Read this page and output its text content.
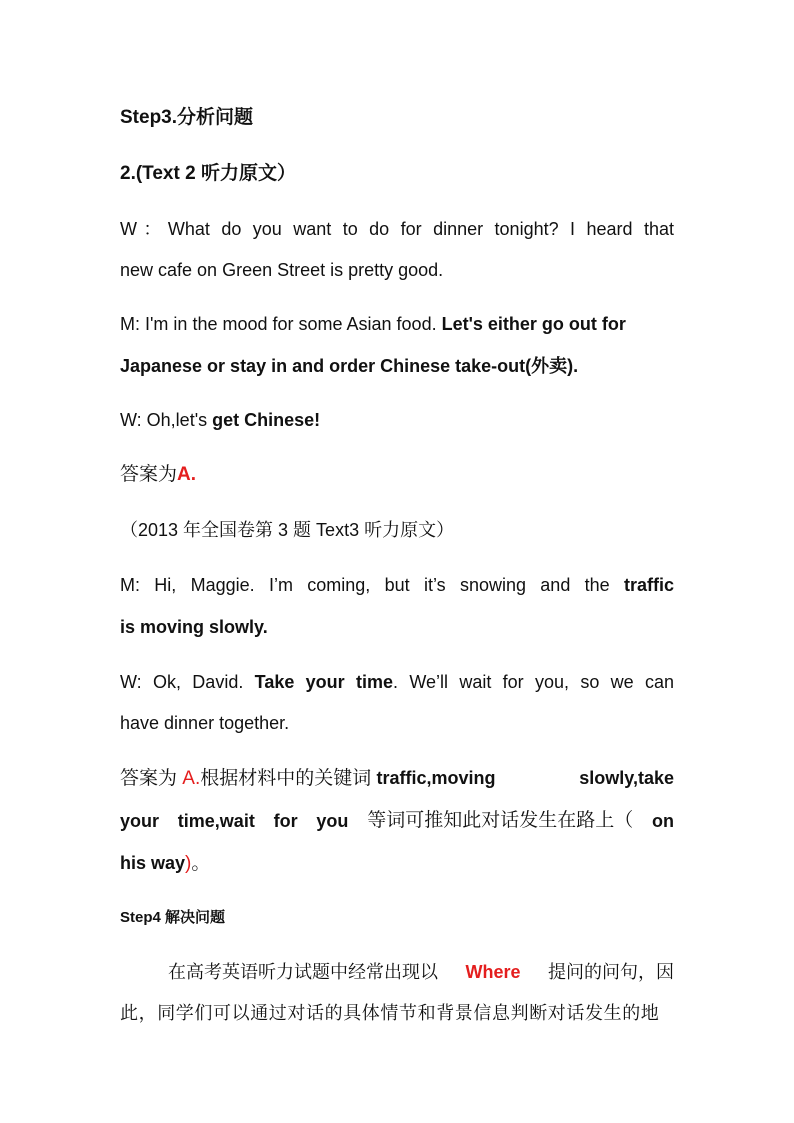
Step3.分析问题
2.(Text 2 听力原文）
W：What do you want to do for dinner tonight? I heard that
new cafe on Green Street is pretty good.
M: I'm in the mood for some Asian food. Let's either go out for
Japanese or stay in and order Chinese take-out(外卖).
W: Oh,let's get Chinese!
答案为A.
（2013 年全国卷第 3 题 Text3 听力原文）
M: Hi, Maggie. I’m coming, but it’s snowing and the traffic
is moving slowly.
W: Ok, David. Take your time. We’ll wait for you, so we can
have dinner together.
答案为 A.根据材料中的关键词 traffic,moving	slowly,take
your time,wait for you 等词可推知此对话发生在路上（ on
his way)。
Step4 解决问题
在高考英语听力试题中经常出现以 Where 提问的问句，因
此，同学们可以通过对话的具体情节和背景信息判断对话发生的地
